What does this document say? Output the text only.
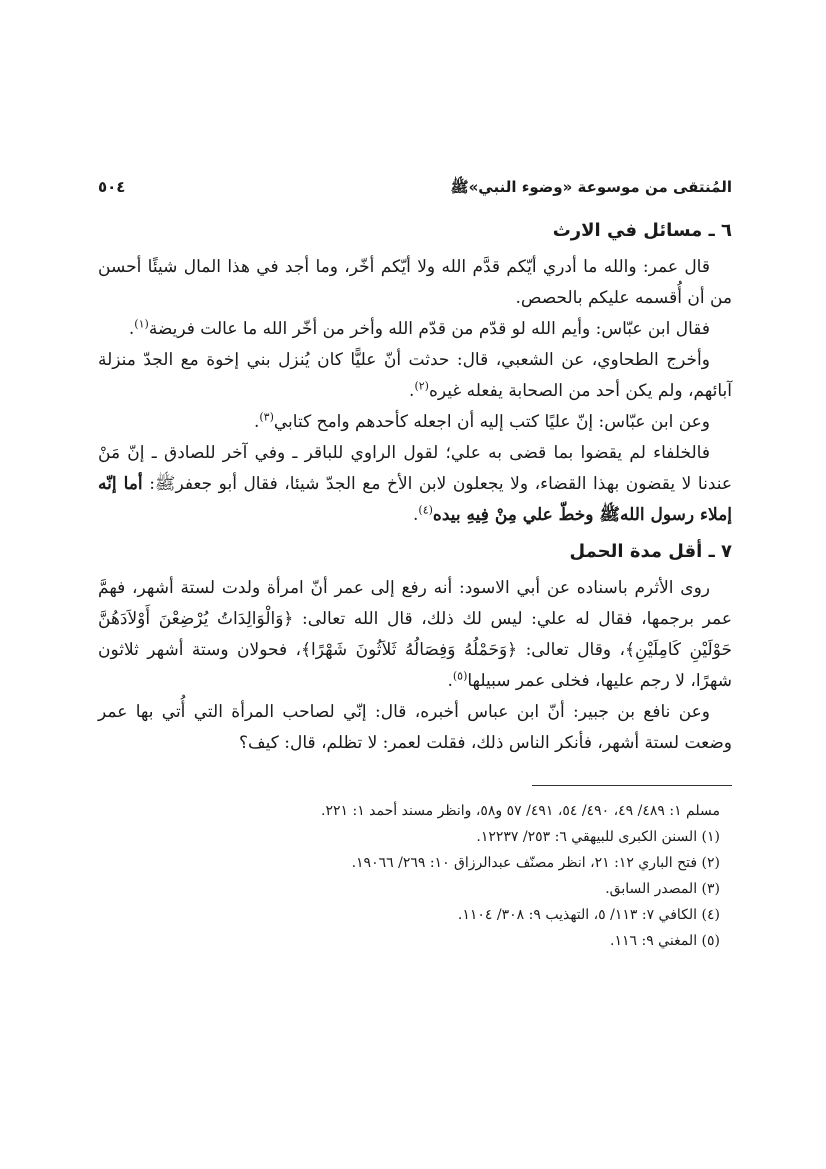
المُنتقى من موسوعة «وضوء النبي»ﷺ
٥٠٤
٦ ـ مسائل في الارث

قال عمر: والله ما أدري أيّكم قدَّم الله ولا أيّكم أخّر، وما أجد في هذا المال شيئًا أحسن من أن أُقسمه عليكم بالحصص.

فقال ابن عبّاس: وأيم الله لو قدّم من قدّم الله وأخر من أخّر الله ما عالت فريضة$^{(١)}$.

وأخرج الطحاوي، عن الشعبي، قال: حدثت أنّ عليًّا كان يُنزل بني إخوة مع الجدّ منزلة آبائهم، ولم يكن أحد من الصحابة يفعله غيره$^{(٢)}$.

وعن ابن عبّاس: إنّ عليًا كتب إليه أن اجعله كأحدهم وامح كتابي$^{(٣)}$.

فالخلفاء لم يقضوا بما قضى به علي؛ لقول الراوي للباقر ـ وفي آخر للصادق ـ إنّ مَنْ عندنا لا يقضون بهذا القضاء، ولا يجعلون لابن الأخ مع الجدّ شيئا، فقال أبو جعفرﷺ: أما إنّه إملاء رسول اللهﷺ وخطّ علي مِنْ فِيهِ بيده$^{(٤)}$.

٧ ـ أقل مدة الحمل

روى الأثرم باسناده عن أبي الاسود: أنه رفع إلى عمر أنّ امرأة ولدت لستة أشهر، فهمَّ عمر برجمها، فقال له علي: ليس لك ذلك، قال الله تعالى: ﴿وَالْوَالِدَاتُ يُرْضِعْنَ أَوْلاَدَهُنَّ حَوْلَيْنِ كَامِلَيْنِ﴾، وقال تعالى: ﴿وَحَمْلُهُ وَفِصَالُهُ ثَلاَثُونَ شَهْرًا﴾، فحولان وستة أشهر ثلاثون شهرًا، لا رجم عليها، فخلى عمر سبيلها$^{(٥)}$.

وعن نافع بن جبير: أنّ ابن عباس أخبره، قال: إنّي لصاحب المرأة التي أُتي بها عمر وضعت لستة أشهر، فأنكر الناس ذلك، فقلت لعمر: لا تظلم، قال: كيف؟

مسلم ١: ٤٨٩/ ٤٩، ٤٩٠/ ٥٤، ٤٩١/ ٥٧ و٥٨، وانظر مسند أحمد ١: ٢٢١.

(١) السنن الكبرى للبيهقي ٦: ٢٥٣/ ١٢٢٣٧.

(٢) فتح الباري ١٢: ٢١، انظر مصنّف عبدالرزاق ١٠: ٢٦٩/ ١٩٠٦٦.

(٣) المصدر السابق.

(٤) الكافي ٧: ١١٣/ ٥، التهذيب ٩: ٣٠٨/ ١١٠٤.

(٥) المغني ٩: ١١٦.
